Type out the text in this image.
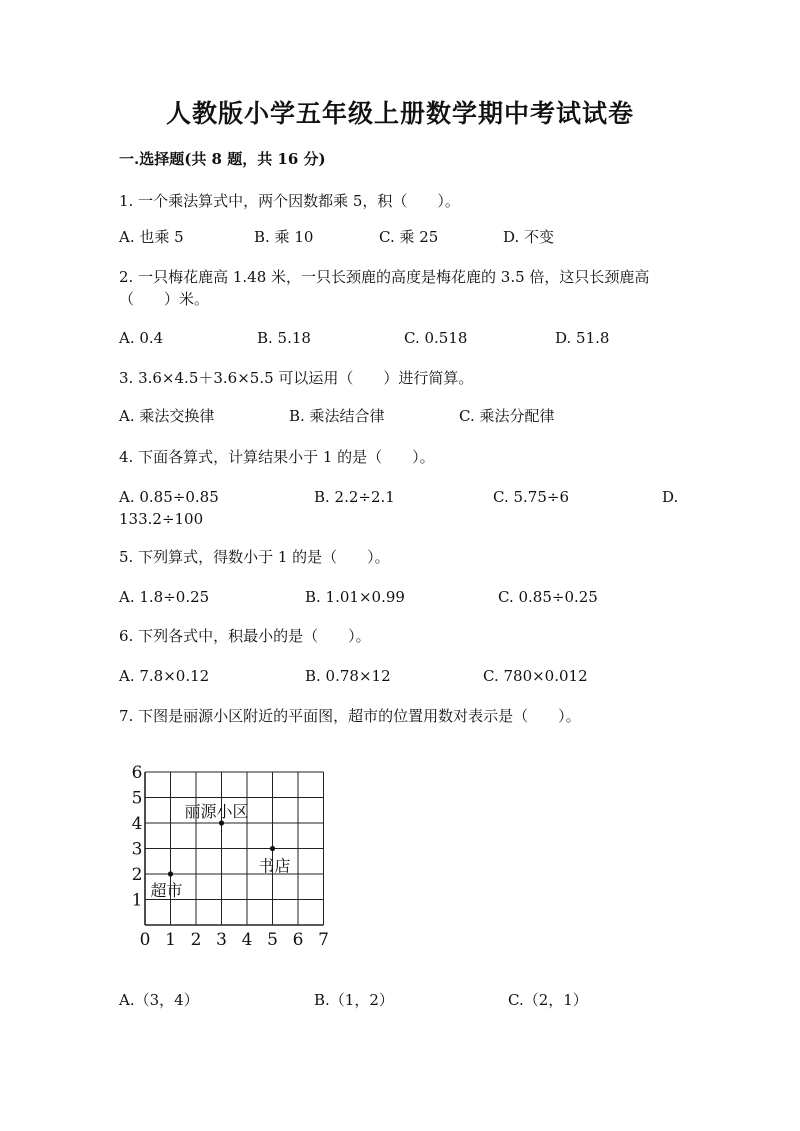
人教版小学五年级上册数学期中考试试卷
一.选择题(共 8 题，共 16 分)
1. 一个乘法算式中，两个因数都乘 5，积（　　）。
A. 也乘 5	B. 乘 10	C. 乘 25	D. 不变
2. 一只梅花鹿高 1.48 米，一只长颈鹿的高度是梅花鹿的 3.5 倍，这只长颈鹿高（　　）米。
A. 0.4	B. 5.18	C. 0.518	D. 51.8
3. 3.6×4.5＋3.6×5.5 可以运用（　　）进行简算。
A. 乘法交换律	B. 乘法结合律	C. 乘法分配律
4. 下面各算式，计算结果小于 1 的是（　　）。
A. 0.85÷0.85	B. 2.2÷2.1	C. 5.75÷6	D.
133.2÷100
5. 下列算式，得数小于 1 的是（　　）。
A. 1.8÷0.25	B. 1.01×0.99	C. 0.85÷0.25
6. 下列各式中，积最小的是（　　）。
A. 7.8×0.12	B. 0.78×12	C. 780×0.012
7. 下图是丽源小区附近的平面图，超市的位置用数对表示是（　　）。
0 1 2 3 4 5 6 7
1
2
3
4
5
6
丽源小区
书店
超市
A.（3，4）	B.（1，2）	C.（2，1）
